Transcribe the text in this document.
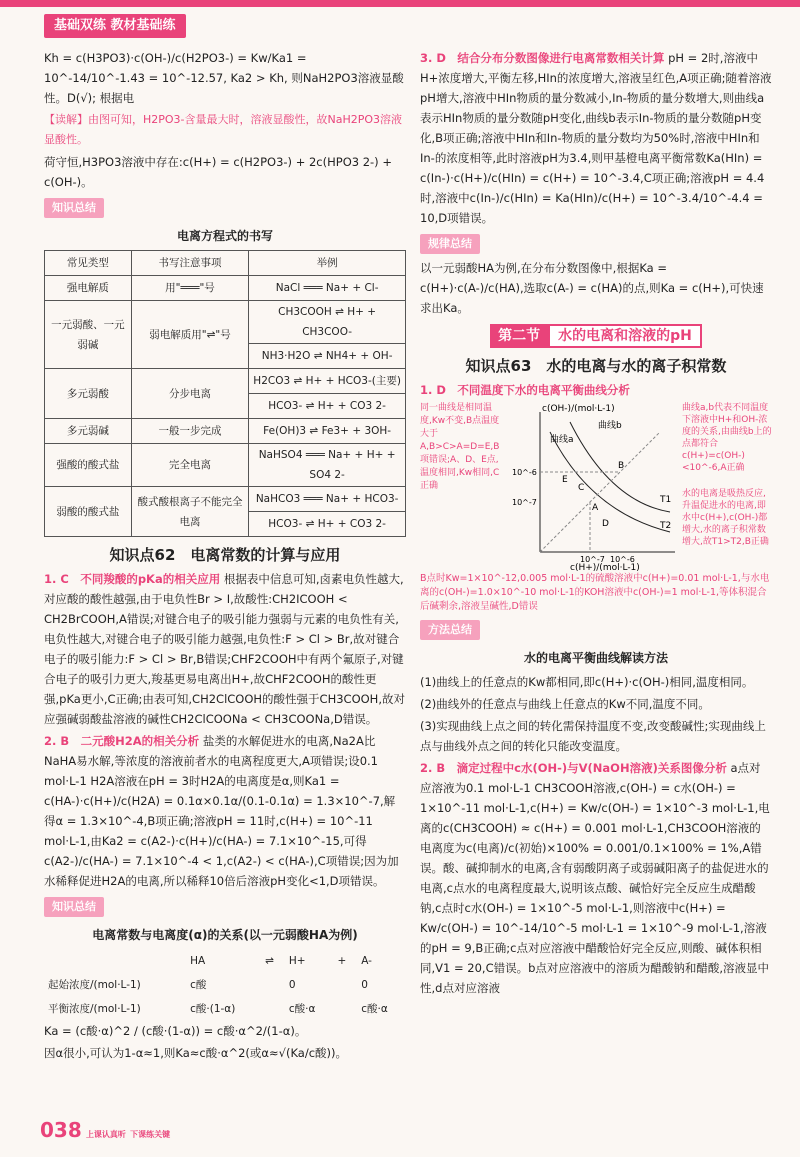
基础双练 教材基础练

Kh = c(H3PO3)·c(OH-)/c(H2PO3-) = Kw/Ka1 = 10^-14/10^-1.43 = 10^-12.57, Ka2 > Kh, 则NaH2PO3溶液显酸性。D(√); 根据电

【读解】由图可知，H2PO3-含量最大时，溶液显酸性，故NaH2PO3溶液显酸性。

荷守恒,H3PO3溶液中存在:c(H+) = c(H2PO3-) + 2c(HPO3 2-) + c(OH-)。

知识总结
电离方程式的书写
常见类型	书写注意事项	举例
强电解质	用"═══"号	NaCl ═══ Na+ + Cl-
一元弱酸、一元弱碱	弱电解质用"⇌"号	CH3COOH ⇌ H+ + CH3COO-
		NH3·H2O ⇌ NH4+ + OH-
多元弱酸	分步电离	H2CO3 ⇌ H+ + HCO3-(主要)
		HCO3- ⇌ H+ + CO3 2-
多元弱碱	一般一步完成	Fe(OH)3 ⇌ Fe3+ + 3OH-
强酸的酸式盐	完全电离	NaHSO4 ═══ Na+ + H+ + SO4 2-
弱酸的酸式盐	酸式酸根离子不能完全电离	NaHCO3 ═══ Na+ + HCO3-
		HCO3- ⇌ H+ + CO3 2-
知识点62　电离常数的计算与应用

1. C　不同羧酸的pKa的相关应用 根据表中信息可知,卤素电负性越大,对应酸的酸性越强,由于电负性Br > I,故酸性:CH2ICOOH < CH2BrCOOH,A错误;对键合电子的吸引能力强弱与元素的电负性有关,电负性越大,对键合电子的吸引能力越强,电负性:F > Cl > Br,故对键合电子的吸引能力:F > Cl > Br,B错误;CHF2COOH中有两个氟原子,对键合电子的吸引力更大,羧基更易电离出H+,故CHF2COOH的酸性更强,pKa更小,C正确;由表可知,CH2ClCOOH的酸性强于CH3COOH,故对应强碱弱酸盐溶液的碱性CH2ClCOONa < CH3COONa,D错误。

2. B　二元酸H2A的相关分析 盐类的水解促进水的电离,Na2A比NaHA易水解,等浓度的溶液前者水的电离程度更大,A项错误;设0.1 mol·L-1 H2A溶液在pH = 3时H2A的电离度是α,则Ka1 = c(HA-)·c(H+)/c(H2A) = 0.1α×0.1α/(0.1-0.1α) = 1.3×10^-7,解得α = 1.3×10^-4,B项正确;溶液pH = 11时,c(H+) = 10^-11 mol·L-1,由Ka2 = c(A2-)·c(H+)/c(HA-) = 7.1×10^-15,可得c(A2-)/c(HA-) = 7.1×10^-4 < 1,c(A2-) < c(HA-),C项错误;因为加水稀释促进H2A的电离,所以稀释10倍后溶液pH变化<1,D项错误。

知识总结
电离常数与电离度(α)的关系(以一元弱酸HA为例)
	HA	⇌	H+	+	A-
起始浓度/(mol·L-1)	c酸		0		0
平衡浓度/(mol·L-1)	c酸·(1-α)		c酸·α		c酸·α

Ka = (c酸·α)^2 / (c酸·(1-α)) = c酸·α^2/(1-α)。

因α很小,可认为1-α≈1,则Ka≈c酸·α^2(或α≈√(Ka/c酸))。

3. D　结合分布分数图像进行电离常数相关计算 pH = 2时,溶液中H+浓度增大,平衡左移,HIn的浓度增大,溶液呈红色,A项正确;随着溶液pH增大,溶液中HIn物质的量分数减小,In-物质的量分数增大,则曲线a表示HIn物质的量分数随pH变化,曲线b表示In-物质的量分数随pH变化,B项正确;溶液中HIn和In-物质的量分数均为50%时,溶液中HIn和In-的浓度相等,此时溶液pH为3.4,则甲基橙电离平衡常数Ka(HIn) = c(In-)·c(H+)/c(HIn) = c(H+) = 10^-3.4,C项正确;溶液pH = 4.4时,溶液中c(In-)/c(HIn) = Ka(HIn)/c(H+) = 10^-3.4/10^-4.4 = 10,D项错误。

规律总结

以一元弱酸HA为例,在分布分数图像中,根据Ka = c(H+)·c(A-)/c(HA),选取c(A-) = c(HA)的点,则Ka = c(H+),可快速求出Ka。

第二节	水的电离和溶液的pH
知识点63　水的电离与水的离子积常数

1. D　不同温度下水的电离平衡曲线分析

同一曲线是相同温度,Kw不变,B点温度大于A,B>C>A=D=E,B项错误;A、D、E点,温度相同,Kw相同,C正确
c(OH-)/(mol·L-1)
c(H+)/(mol·L-1)
曲线a
曲线b
10^-6
10^-7
10^-7 10^-6
T1
T2
A
B
C
D
E
曲线a,b代表不同温度下溶液中H+和OH-浓度的关系,由曲线b上的点都符合c(H+)=c(OH-)<10^-6,A正确
水的电离是吸热反应,升温促进水的电离,即水中c(H+),c(OH-)都增大,水的离子积常数增大,故T1>T2,B正确

B点时Kw=1×10^-12,0.005 mol·L-1的硫酸溶液中c(H+)=0.01 mol·L-1,与水电离的c(OH-)=1.0×10^-10 mol·L-1的KOH溶液中c(OH-)=1 mol·L-1,等体积混合后碱剩余,溶液呈碱性,D错误

方法总结
水的电离平衡曲线解读方法

(1)曲线上的任意点的Kw都相同,即c(H+)·c(OH-)相同,温度相同。

(2)曲线外的任意点与曲线上任意点的Kw不同,温度不同。

(3)实现曲线上点之间的转化需保持温度不变,改变酸碱性;实现曲线上点与曲线外点之间的转化只能改变温度。

2. B　滴定过程中c水(OH-)与V(NaOH溶液)关系图像分析 a点对应溶液为0.1 mol·L-1 CH3COOH溶液,c(OH-) = c水(OH-) = 1×10^-11 mol·L-1,c(H+) = Kw/c(OH-) = 1×10^-3 mol·L-1,电离的c(CH3COOH) ≈ c(H+) = 0.001 mol·L-1,CH3COOH溶液的电离度为c(电离)/c(初始)×100% = 0.001/0.1×100% = 1%,A错误。酸、碱抑制水的电离,含有弱酸阴离子或弱碱阳离子的盐促进水的电离,c点水的电离程度最大,说明该点酸、碱恰好完全反应生成醋酸钠,c点时c水(OH-) = 1×10^-5 mol·L-1,则溶液中c(H+) = Kw/c(OH-) = 10^-14/10^-5 mol·L-1 = 1×10^-9 mol·L-1,溶液的pH = 9,B正确;c点对应溶液中醋酸恰好完全反应,则酸、碱体积相同,V1 = 20,C错误。b点对应溶液中的溶质为醋酸钠和醋酸,溶液显中性,d点对应溶液

038 上课认真听 下课练关键
